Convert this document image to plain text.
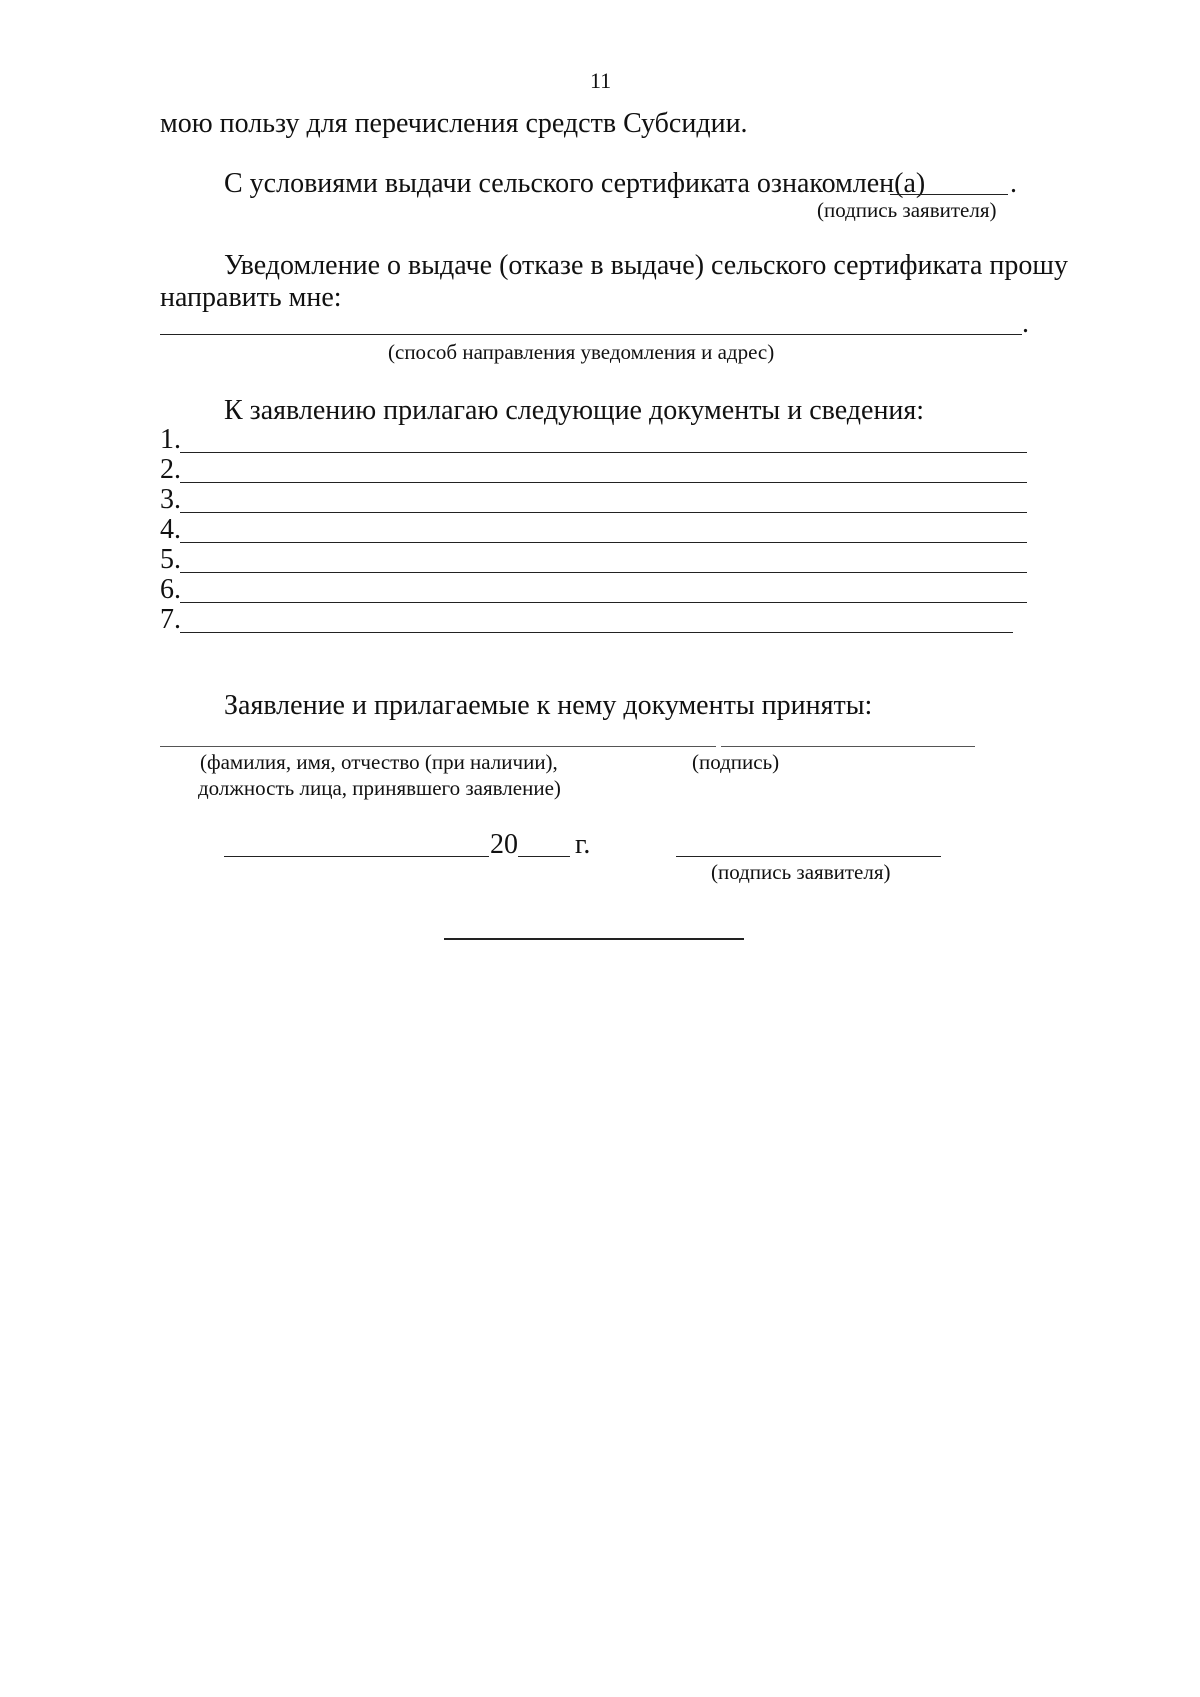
11
мою пользу для перечисления средств Субсидии.
С условиями выдачи сельского сертификата ознакомлен(а)	.
(подпись заявителя)
Уведомление о выдаче (отказе в выдаче) сельского сертификата прошу
направить мне:
.
(способ направления уведомления и адрес)
К заявлению прилагаю следующие документы и сведения:
1.
2.
3.
4.
5.
6.
7.
Заявление и прилагаемые к нему документы приняты:
(фамилия, имя, отчество (при наличии),
должность лица, принявшего заявление)
(подпись)
20 г.
(подпись заявителя)
